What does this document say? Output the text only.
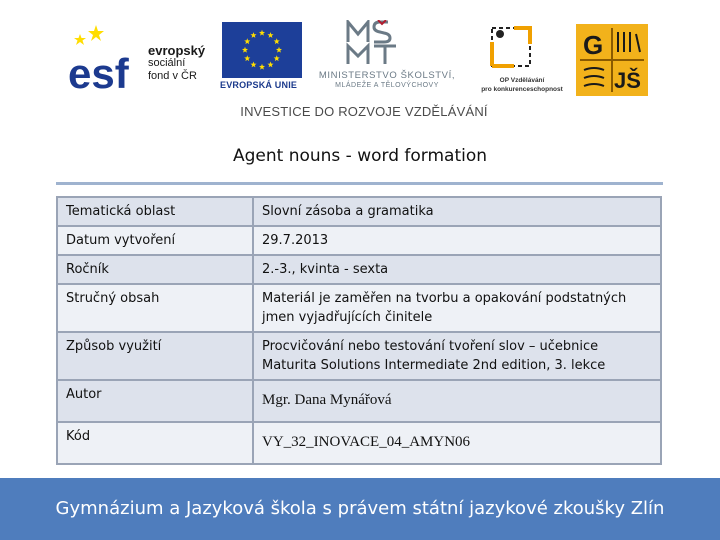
esf evropský
sociální
fond v ČR
EVROPSKÁ UNIE
MINISTERSTVO ŠKOLSTVÍ,
MLÁDEŽE A TĚLOVÝCHOVY
OP Vzdělávání
pro konkurenceschopnost
G
JŠ
INVESTICE DO ROZVOJE VZDĚLÁVÁNÍ
Agent nouns - word formation
Tematická oblast	Slovní zásoba a gramatika
Datum vytvoření	29.7.2013
Ročník	2.-3., kvinta - sexta
Stručný obsah	Materiál je zaměřen na tvorbu a opakování podstatných jmen vyjadřujících činitele
Způsob využití	Procvičování nebo testování tvoření slov – učebnice Maturita Solutions Intermediate 2nd edition, 3. lekce
Autor	Mgr. Dana Mynářová

Kód	VY_32_INOVACE_04_AMYN06
Gymnázium a Jazyková škola s právem státní jazykové zkoušky Zlín
